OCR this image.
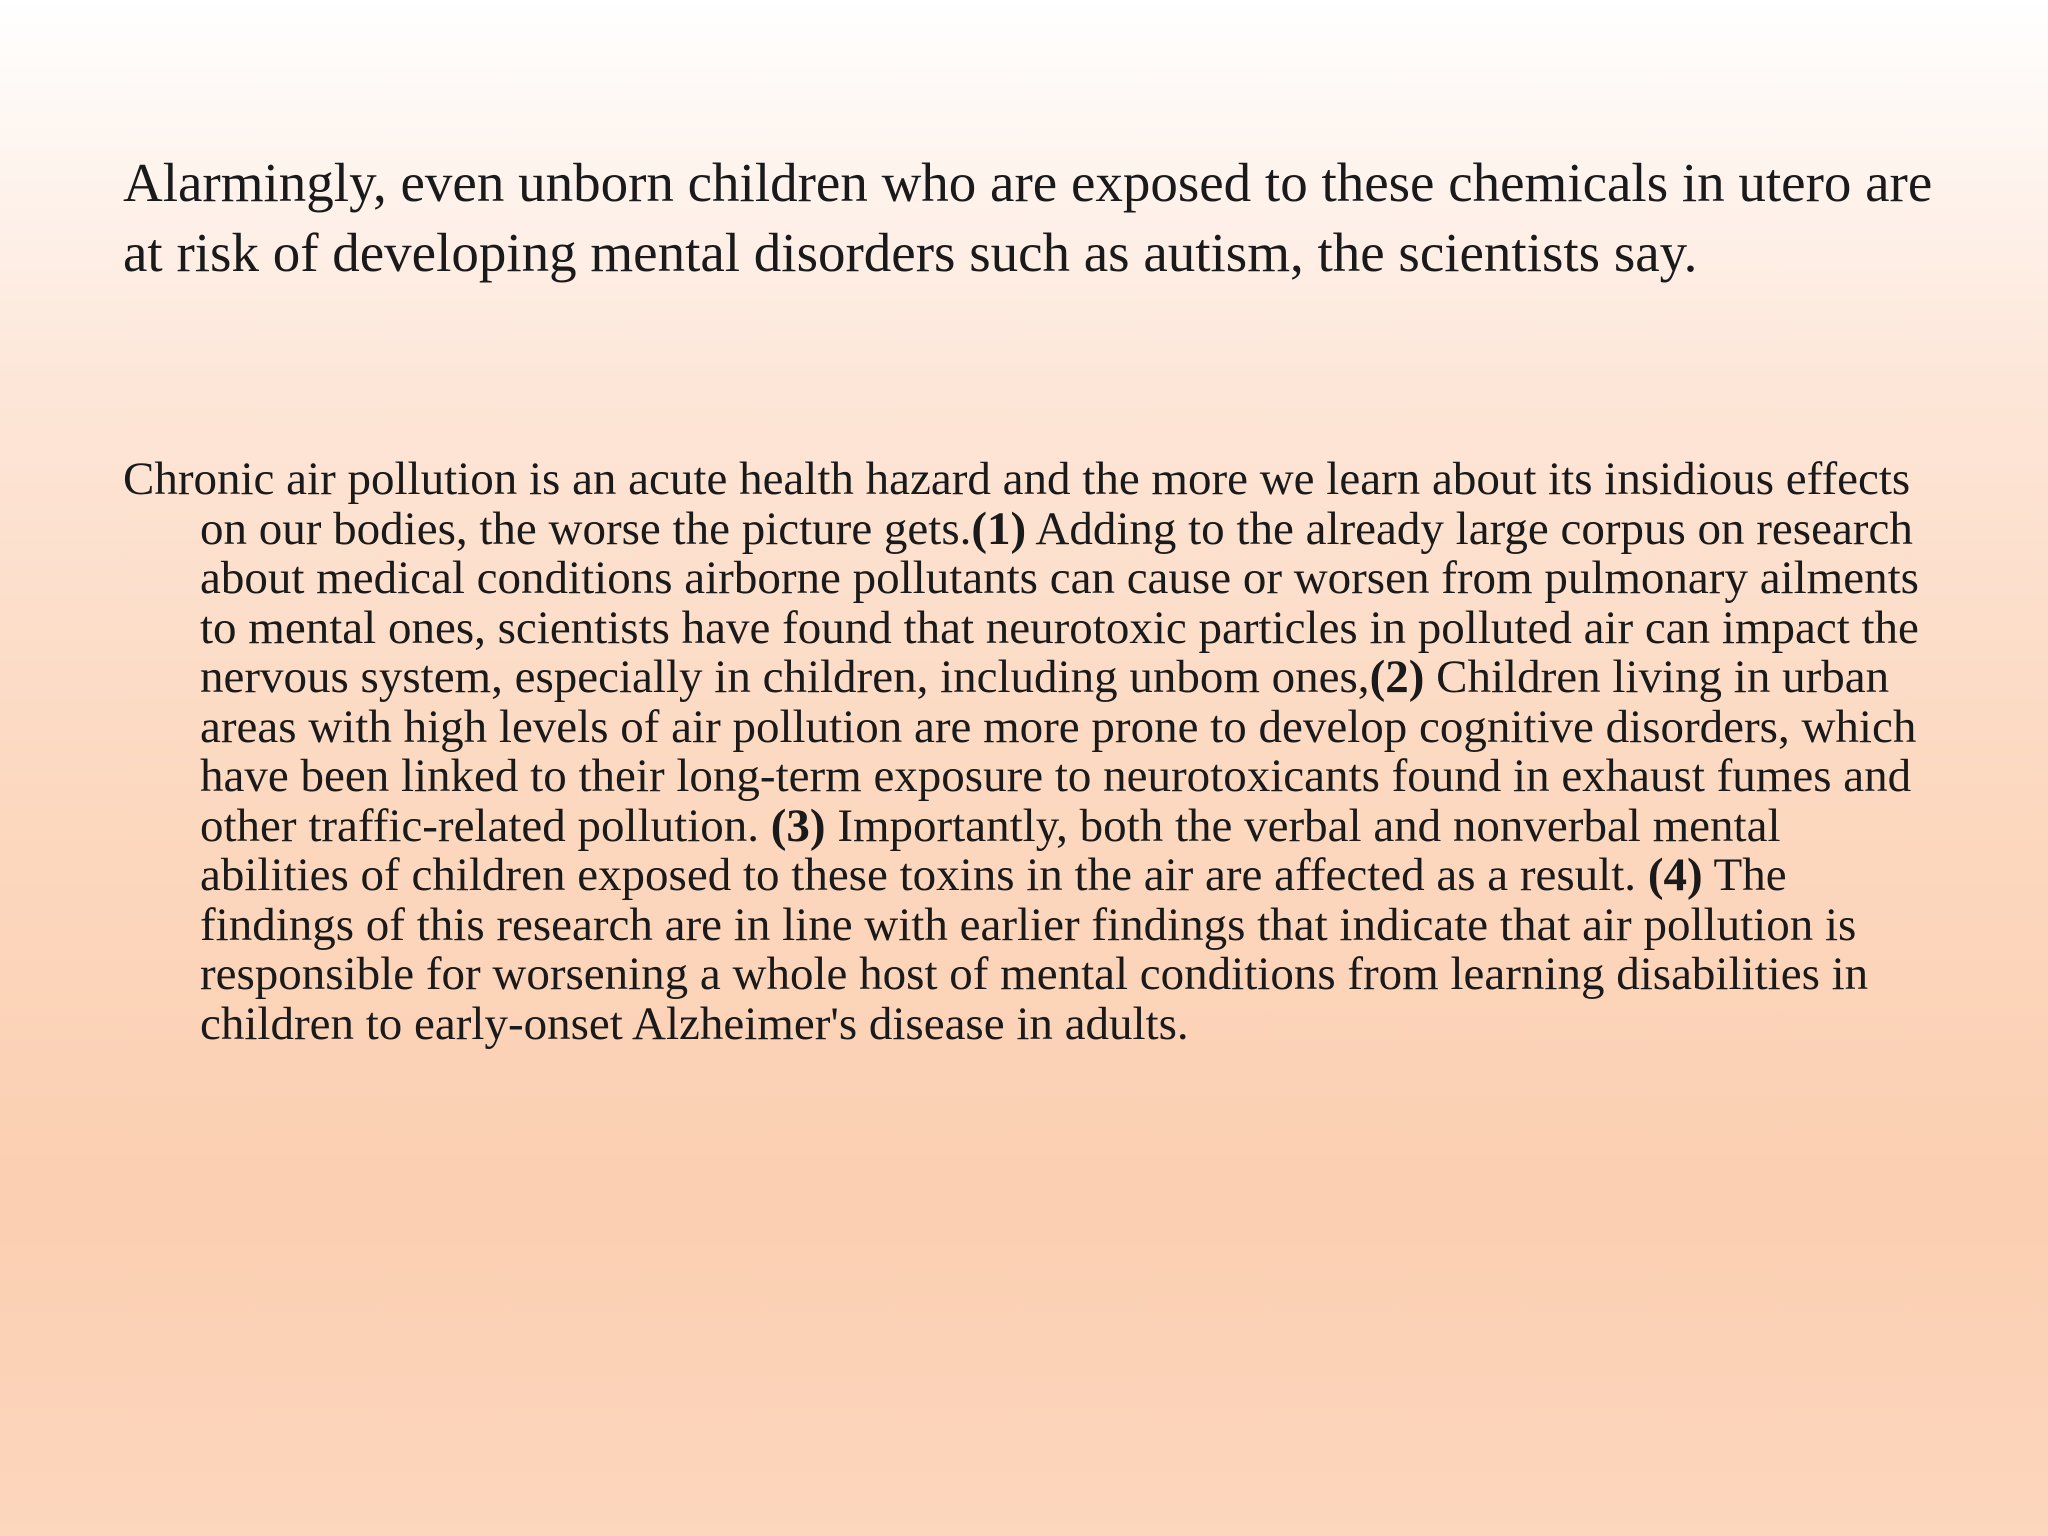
Alarmingly, even unborn children who are exposed to these chemicals in utero are at risk of developing mental disorders such as autism, the scientists say.

Chronic air pollution is an acute health hazard and the more we learn about its insidious effects on our bodies, the worse the picture gets.(1) Adding to the already large corpus on research about medical conditions airborne pollutants can cause or worsen from pulmonary ailments to mental ones, scientists have found that neurotoxic particles in polluted air can impact the nervous system, especially in children, including unbom ones,(2) Children living in urban areas with high levels of air pollution are more prone to develop cognitive disorders, which have been linked to their long-term exposure to neurotoxicants found in exhaust fumes and other traffic-related pollution. (3) Importantly, both the verbal and nonverbal mental abilities of children exposed to these toxins in the air are affected as a result. (4) The findings of this research are in line with earlier findings that indicate that air pollution is responsible for worsening a whole host of mental conditions from learning disabilities in children to early-onset Alzheimer's disease in adults.
